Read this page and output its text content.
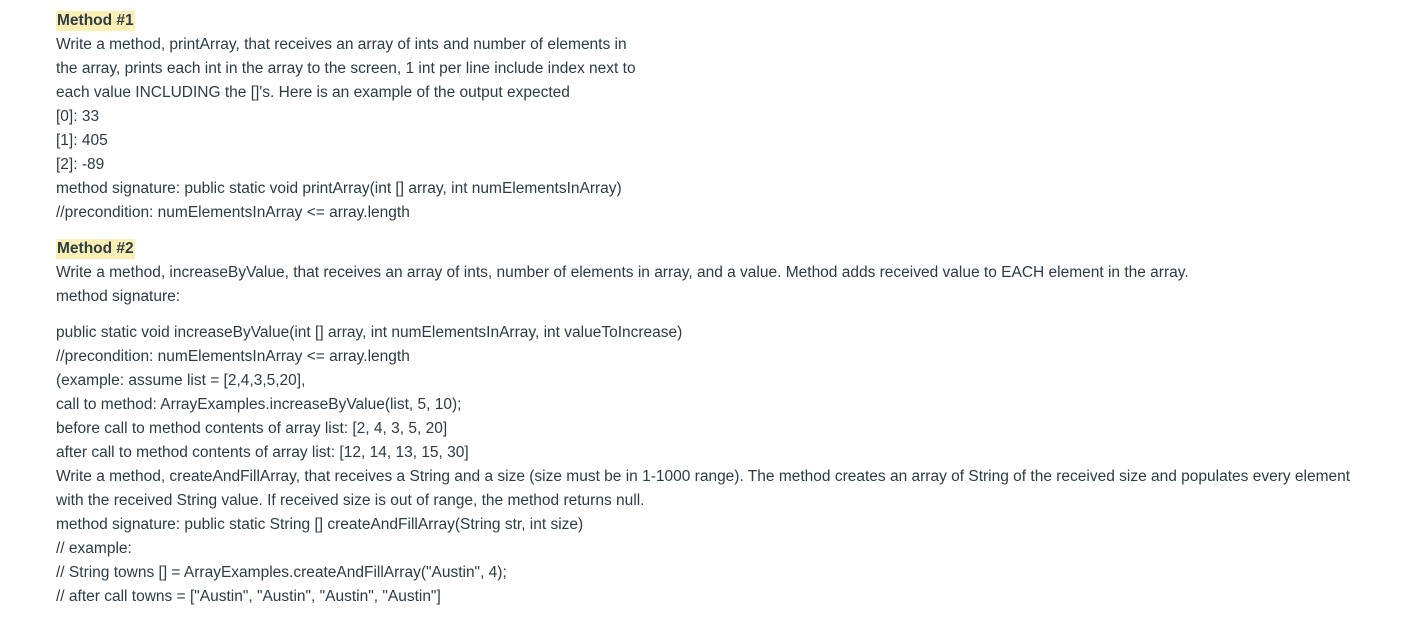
Method #1
Write a method, printArray, that receives an array of ints and number of elements in
the array, prints each int in the array to the screen, 1 int per line include index next to
each value INCLUDING the []'s. Here is an example of the output expected
[0]: 33
[1]: 405
[2]: -89
method signature: public static void printArray(int [] array, int numElementsInArray)
//precondition: numElementsInArray <= array.length
Method #2
Write a method, increaseByValue, that receives an array of ints, number of elements in array, and a value. Method adds received value to EACH element in the array.
method signature:
public static void increaseByValue(int [] array, int numElementsInArray, int valueToIncrease)
//precondition: numElementsInArray <= array.length
(example: assume list = [2,4,3,5,20],
call to method: ArrayExamples.increaseByValue(list, 5, 10);
before call to method contents of array list: [2, 4, 3, 5, 20]
after call to method contents of array list: [12, 14, 13, 15, 30]
Write a method, createAndFillArray, that receives a String and a size (size must be in 1-1000 range). The method creates an array of String of the received size and populates every element
with the received String value. If received size is out of range, the method returns null.
method signature: public static String [] createAndFillArray(String str, int size)
// example:
// String towns [] = ArrayExamples.createAndFillArray("Austin", 4);
// after call towns = ["Austin", "Austin", "Austin", "Austin"]
